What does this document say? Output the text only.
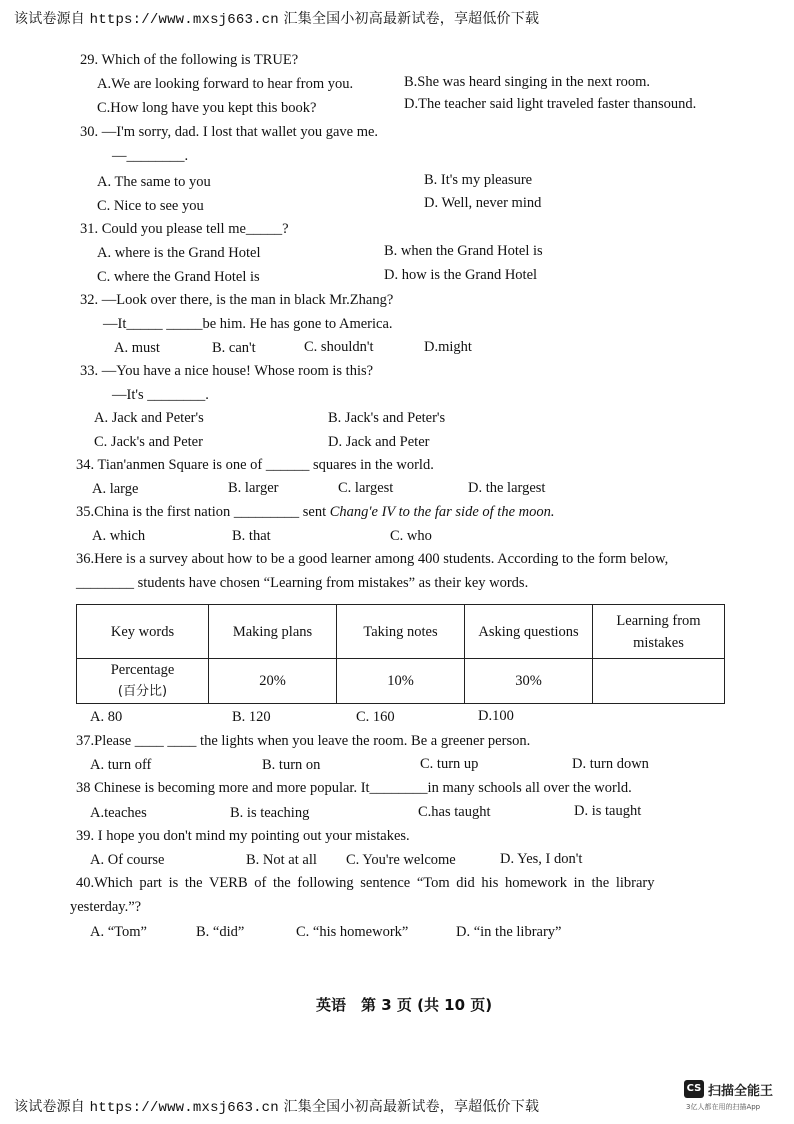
该试卷源自 https://www.mxsj663.cn 汇集全国小初高最新试卷，享超低价下载
29. Which of the following is TRUE?
A.We are looking forward to hear from you.	B.She was heard singing in the next room.
C.How long have you kept this book?	D.The teacher said light traveled faster thansound.
30. —I'm sorry, dad. I lost that wallet you gave me.
—________.
A. The same to you	B. It's my pleasure
C. Nice to see you	D. Well, never mind
31. Could you please tell me_____?
A. where is the Grand Hotel	B. when the Grand Hotel is
C. where the Grand Hotel is	D. how is the Grand Hotel
32. —Look over there, is the man in black Mr.Zhang?
—It_____ _____be him. He has gone to America.
A. must	B. can't	C. shouldn't	D.might
33. —You have a nice house! Whose room is this?
—It's ________.
A. Jack and Peter's	B. Jack's and Peter's
C. Jack's and Peter	D. Jack and Peter
34. Tian'anmen Square is one of ______ squares in the world.
A. large	B. larger	C. largest	D. the largest
35.China is the first nation _________ sent Chang'e IV to the far side of the moon.
A. which	B. that	C. who
36.Here is a survey about how to be a good learner among 400 students. According to the form below,
________ students have chosen “Learning from mistakes” as their key words.
Key words	Making plans	Taking notes	Asking questions	Learning from mistakes

Percentage
(百分比)	20%	10%	30%	
A. 80	B. 120	C. 160	D.100
37.Please ____ ____ the lights when you leave the room. Be a greener person.
A. turn off	B. turn on	C. turn up	D. turn down
38 Chinese is becoming more and more popular. It________in many schools all over the world.
A.teaches	B. is teaching	C.has taught	D. is taught
39. I hope you don't mind my pointing out your mistakes.
A. Of course	B. Not at all C. You're welcome	D. Yes, I don't
40.Which part is the VERB of the following sentence “Tom did his homework in the library
yesterday.”?
A. “Tom”	B. “did”	C. “his homework”	D. “in the library”
英语　第 3 页 (共 10 页)
该试卷源自 https://www.mxsj663.cn 汇集全国小初高最新试卷，享超低价下载
CS 扫描全能王
3亿人都在用的扫描App
